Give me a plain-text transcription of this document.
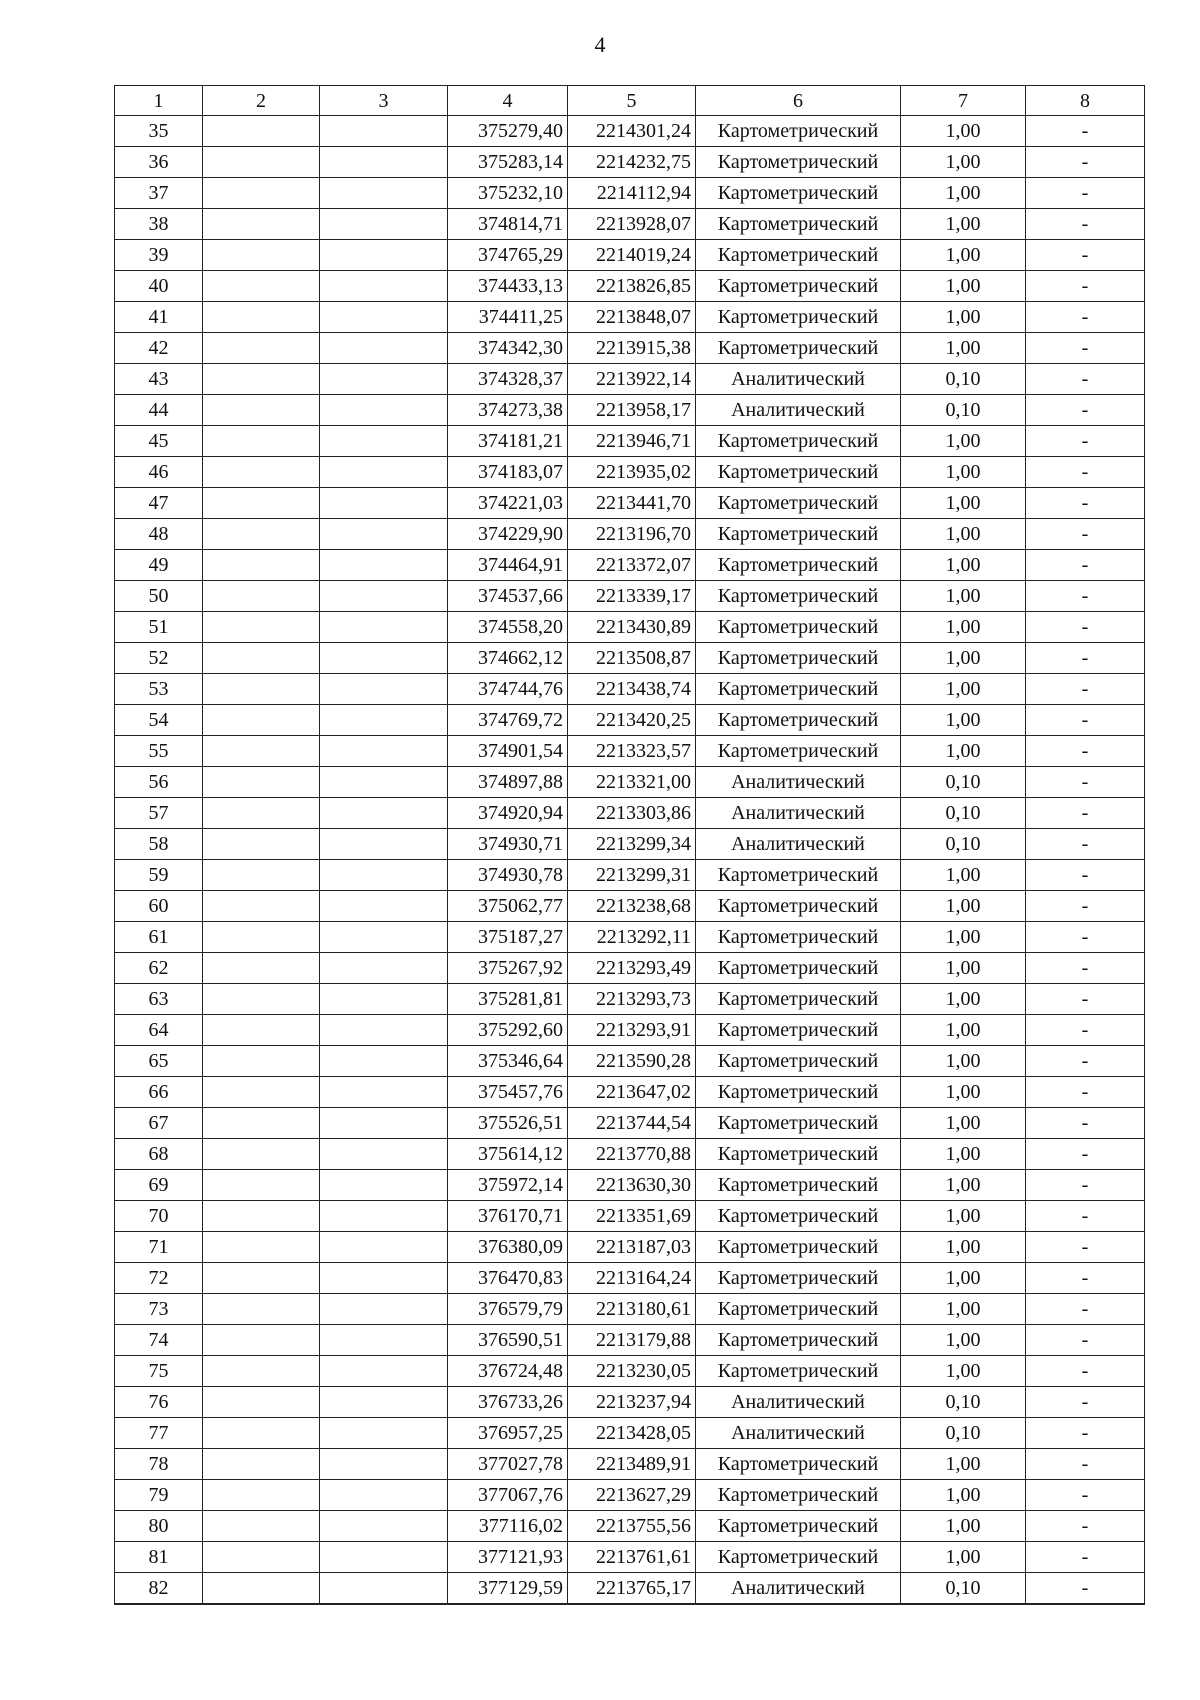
4
1	2	3	4	5	6	7	8
35			375279,40	2214301,24	Картометрический	1,00	-
36			375283,14	2214232,75	Картометрический	1,00	-
37			375232,10	2214112,94	Картометрический	1,00	-
38			374814,71	2213928,07	Картометрический	1,00	-
39			374765,29	2214019,24	Картометрический	1,00	-
40			374433,13	2213826,85	Картометрический	1,00	-
41			374411,25	2213848,07	Картометрический	1,00	-
42			374342,30	2213915,38	Картометрический	1,00	-
43			374328,37	2213922,14	Аналитический	0,10	-
44			374273,38	2213958,17	Аналитический	0,10	-
45			374181,21	2213946,71	Картометрический	1,00	-
46			374183,07	2213935,02	Картометрический	1,00	-
47			374221,03	2213441,70	Картометрический	1,00	-
48			374229,90	2213196,70	Картометрический	1,00	-
49			374464,91	2213372,07	Картометрический	1,00	-
50			374537,66	2213339,17	Картометрический	1,00	-
51			374558,20	2213430,89	Картометрический	1,00	-
52			374662,12	2213508,87	Картометрический	1,00	-
53			374744,76	2213438,74	Картометрический	1,00	-
54			374769,72	2213420,25	Картометрический	1,00	-
55			374901,54	2213323,57	Картометрический	1,00	-
56			374897,88	2213321,00	Аналитический	0,10	-
57			374920,94	2213303,86	Аналитический	0,10	-
58			374930,71	2213299,34	Аналитический	0,10	-
59			374930,78	2213299,31	Картометрический	1,00	-
60			375062,77	2213238,68	Картометрический	1,00	-
61			375187,27	2213292,11	Картометрический	1,00	-
62			375267,92	2213293,49	Картометрический	1,00	-
63			375281,81	2213293,73	Картометрический	1,00	-
64			375292,60	2213293,91	Картометрический	1,00	-
65			375346,64	2213590,28	Картометрический	1,00	-
66			375457,76	2213647,02	Картометрический	1,00	-
67			375526,51	2213744,54	Картометрический	1,00	-
68			375614,12	2213770,88	Картометрический	1,00	-
69			375972,14	2213630,30	Картометрический	1,00	-
70			376170,71	2213351,69	Картометрический	1,00	-
71			376380,09	2213187,03	Картометрический	1,00	-
72			376470,83	2213164,24	Картометрический	1,00	-
73			376579,79	2213180,61	Картометрический	1,00	-
74			376590,51	2213179,88	Картометрический	1,00	-
75			376724,48	2213230,05	Картометрический	1,00	-
76			376733,26	2213237,94	Аналитический	0,10	-
77			376957,25	2213428,05	Аналитический	0,10	-
78			377027,78	2213489,91	Картометрический	1,00	-
79			377067,76	2213627,29	Картометрический	1,00	-
80			377116,02	2213755,56	Картометрический	1,00	-
81			377121,93	2213761,61	Картометрический	1,00	-
82			377129,59	2213765,17	Аналитический	0,10	-
